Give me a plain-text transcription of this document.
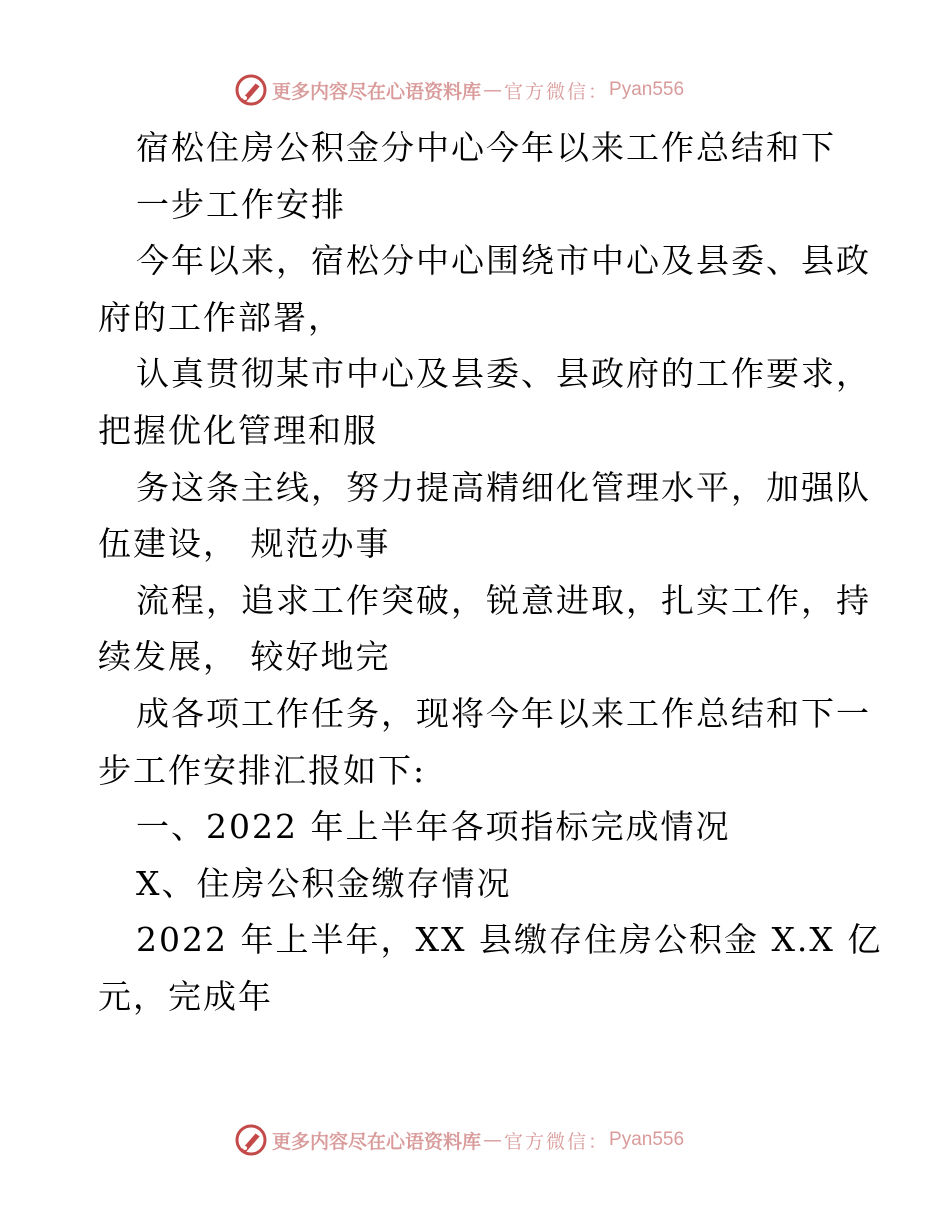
更多内容尽在心语资料库 — 官方微信： Pyan556
宿松住房公积金分中心今年以来工作总结和下
一步工作安排
今年以来，宿松分中心围绕市中心及县委、县政
府的工作部署，
认真贯彻某市中心及县委、县政府的工作要求，
把握优化管理和服
务这条主线，努力提高精细化管理水平，加强队
伍建设， 规范办事
流程，追求工作突破，锐意进取，扎实工作，持
续发展， 较好地完
成各项工作任务，现将今年以来工作总结和下一
步工作安排汇报如下:
一、2022 年上半年各项指标完成情况
X、住房公积金缴存情况
2022 年上半年，XX 县缴存住房公积金 X.X 亿
元，完成年
更多内容尽在心语资料库 — 官方微信： Pyan556
